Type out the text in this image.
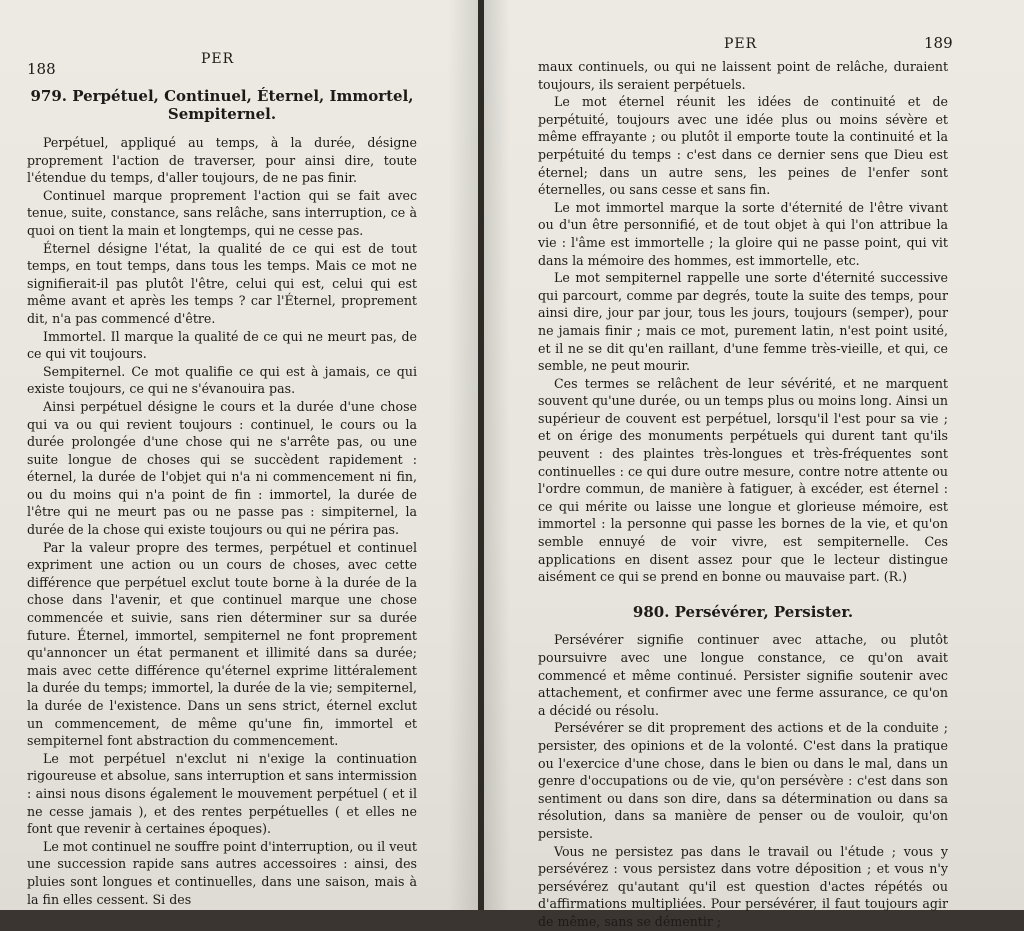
188
PER
979. Perpétuel, Continuel, Éternel, Immortel,
Sempiternel.

Perpétuel, appliqué au temps, à la durée, désigne proprement l'action de traverser, pour ainsi dire, toute l'étendue du temps, d'aller toujours, de ne pas finir.

Continuel marque proprement l'action qui se fait avec tenue, suite, constance, sans relâche, sans interruption, ce à quoi on tient la main et longtemps, qui ne cesse pas.

Éternel désigne l'état, la qualité de ce qui est de tout temps, en tout temps, dans tous les temps. Mais ce mot ne signifierait-il pas plutôt l'être, celui qui est, celui qui est même avant et après les temps ? car l'Éternel, proprement dit, n'a pas commencé d'être.

Immortel. Il marque la qualité de ce qui ne meurt pas, de ce qui vit toujours.

Sempiternel. Ce mot qualifie ce qui est à jamais, ce qui existe toujours, ce qui ne s'évanouira pas.

Ainsi perpétuel désigne le cours et la durée d'une chose qui va ou qui revient toujours : continuel, le cours ou la durée prolongée d'une chose qui ne s'arrête pas, ou une suite longue de choses qui se succèdent rapidement : éternel, la durée de l'objet qui n'a ni commencement ni fin, ou du moins qui n'a point de fin : immortel, la durée de l'être qui ne meurt pas ou ne passe pas : simpiternel, la durée de la chose qui existe toujours ou qui ne périra pas.

Par la valeur propre des termes, perpétuel et continuel expriment une action ou un cours de choses, avec cette différence que perpétuel exclut toute borne à la durée de la chose dans l'avenir, et que continuel marque une chose commencée et suivie, sans rien déterminer sur sa durée future. Éternel, immortel, sempiternel ne font proprement qu'annoncer un état permanent et illimité dans sa durée; mais avec cette différence qu'éternel exprime littéralement la durée du temps; immortel, la durée de la vie; sempiternel, la durée de l'existence. Dans un sens strict, éternel exclut un commencement, de même qu'une fin, immortel et sempiternel font abstraction du commencement.

Le mot perpétuel n'exclut ni n'exige la continuation rigoureuse et absolue, sans interruption et sans intermission : ainsi nous disons également le mouvement perpétuel ( et il ne cesse jamais ), et des rentes perpétuelles ( et elles ne font que revenir à certaines époques).

Le mot continuel ne souffre point d'interruption, ou il veut une succession rapide sans autres accessoires : ainsi, des pluies sont longues et continuelles, dans une saison, mais à la fin elles cessent. Si des

PER	189

maux continuels, ou qui ne laissent point de relâche, duraient toujours, ils seraient perpétuels.

Le mot éternel réunit les idées de continuité et de perpétuité, toujours avec une idée plus ou moins sévère et même effrayante ; ou plutôt il emporte toute la continuité et la perpétuité du temps : c'est dans ce dernier sens que Dieu est éternel; dans un autre sens, les peines de l'enfer sont éternelles, ou sans cesse et sans fin.

Le mot immortel marque la sorte d'éternité de l'être vivant ou d'un être personnifié, et de tout objet à qui l'on attribue la vie : l'âme est immortelle ; la gloire qui ne passe point, qui vit dans la mémoire des hommes, est immortelle, etc.

Le mot sempiternel rappelle une sorte d'éternité successive qui parcourt, comme par degrés, toute la suite des temps, pour ainsi dire, jour par jour, tous les jours, toujours (semper), pour ne jamais finir ; mais ce mot, purement latin, n'est point usité, et il ne se dit qu'en raillant, d'une femme très-vieille, et qui, ce semble, ne peut mourir.

Ces termes se relâchent de leur sévérité, et ne marquent souvent qu'une durée, ou un temps plus ou moins long. Ainsi un supérieur de couvent est perpétuel, lorsqu'il l'est pour sa vie ; et on érige des monuments perpétuels qui durent tant qu'ils peuvent : des plaintes très-longues et très-fréquentes sont continuelles : ce qui dure outre mesure, contre notre attente ou l'ordre commun, de manière à fatiguer, à excéder, est éternel : ce qui mérite ou laisse une longue et glorieuse mémoire, est immortel : la personne qui passe les bornes de la vie, et qu'on semble ennuyé de voir vivre, est sempiternelle. Ces applications en disent assez pour que le lecteur distingue aisément ce qui se prend en bonne ou mauvaise part. (R.)

980. Persévérer, Persister.

Persévérer signifie continuer avec attache, ou plutôt poursuivre avec une longue constance, ce qu'on avait commencé et même continué. Persister signifie soutenir avec attachement, et confirmer avec une ferme assurance, ce qu'on a décidé ou résolu.

Persévérer se dit proprement des actions et de la conduite ; persister, des opinions et de la volonté. C'est dans la pratique ou l'exercice d'une chose, dans le bien ou dans le mal, dans un genre d'occupations ou de vie, qu'on persévère : c'est dans son sentiment ou dans son dire, dans sa détermination ou dans sa résolution, dans sa manière de penser ou de vouloir, qu'on persiste.

Vous ne persistez pas dans le travail ou l'étude ; vous y persévérez : vous persistez dans votre déposition ; et vous n'y persévérez qu'autant qu'il est question d'actes répétés ou d'affirmations multipliées. Pour persévérer, il faut toujours agir de même, sans se démentir ;
